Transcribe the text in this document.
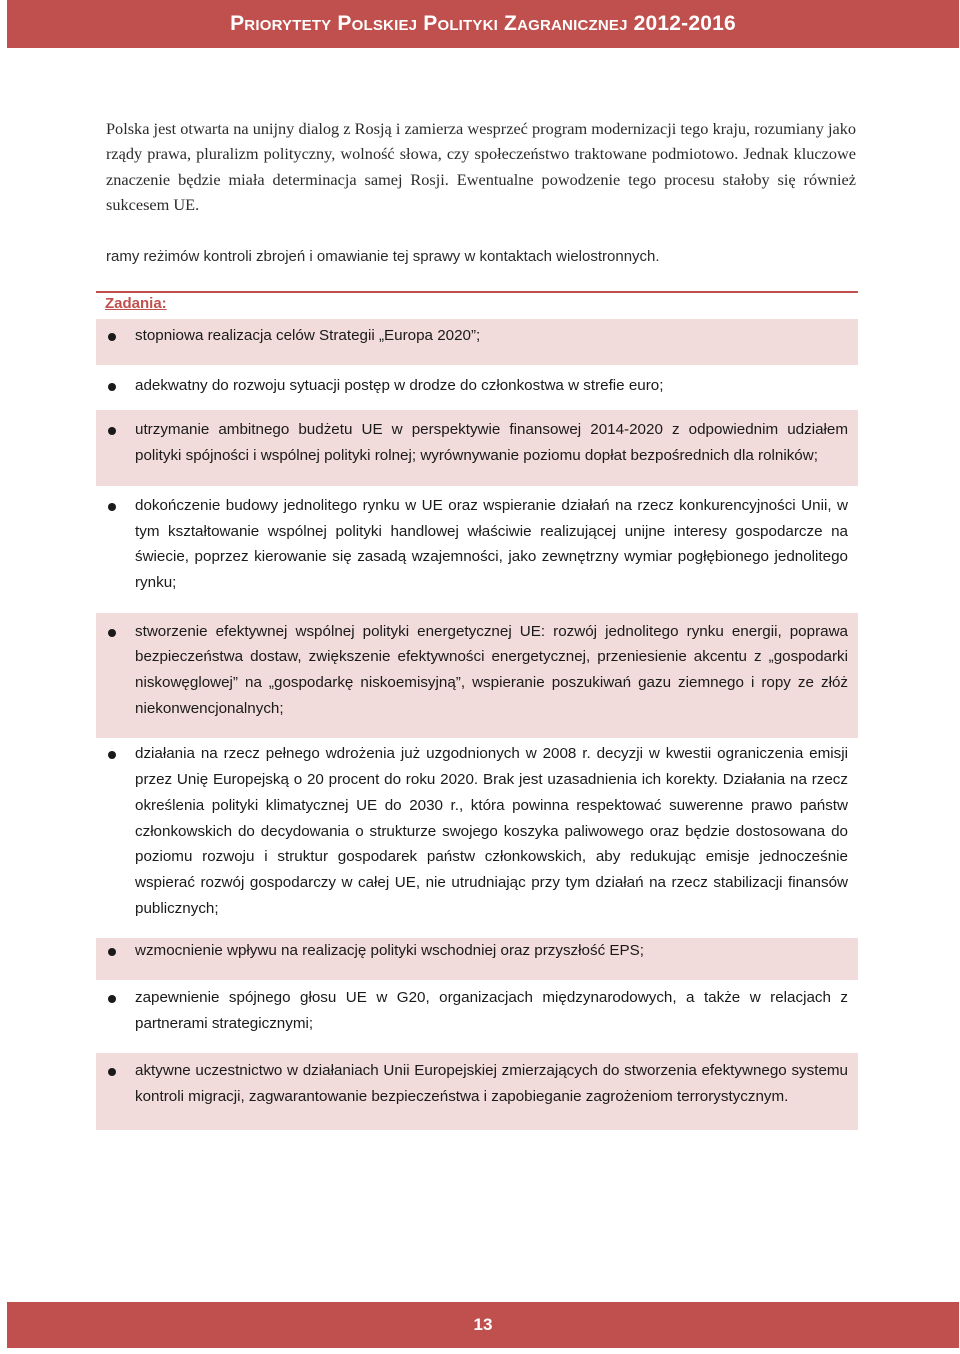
Priorytety Polskiej Polityki Zagranicznej 2012-2016

Polska jest otwarta na unijny dialog z Rosją i zamierza wesprzeć program modernizacji tego kraju, rozumiany jako rządy prawa, pluralizm polityczny, wolność słowa, czy społeczeństwo traktowane podmiotowo. Jednak kluczowe znaczenie będzie miała determinacja samej Rosji. Ewentualne powodzenie tego procesu stałoby się również sukcesem UE.

ramy reżimów kontroli zbrojeń i omawianie tej sprawy w kontaktach wielostronnych.

Zadania:
stopniowa realizacja celów Strategii „Europa 2020”;
adekwatny do rozwoju sytuacji postęp w drodze do członkostwa w strefie euro;
utrzymanie ambitnego budżetu UE w perspektywie finansowej 2014-2020 z odpowiednim udziałem polityki spójności i wspólnej polityki rolnej; wyrównywanie poziomu dopłat bezpośrednich dla rolników;
dokończenie budowy jednolitego rynku w UE oraz wspieranie działań na rzecz konkurencyjności Unii, w tym kształtowanie wspólnej polityki handlowej właściwie realizującej unijne interesy gospodarcze na świecie, poprzez kierowanie się zasadą wzajemności, jako zewnętrzny wymiar pogłębionego jednolitego rynku;
stworzenie efektywnej wspólnej polityki energetycznej UE: rozwój jednolitego rynku energii, poprawa bezpieczeństwa dostaw, zwiększenie efektywności energetycznej, przeniesienie akcentu z „gospodarki niskowęglowej” na „gospodarkę niskoemisyjną”, wspieranie poszukiwań gazu ziemnego i ropy ze złóż niekonwencjonalnych;
działania na rzecz pełnego wdrożenia już uzgodnionych w 2008 r. decyzji w kwestii ograniczenia emisji przez Unię Europejską o 20 procent do roku 2020. Brak jest uzasadnienia ich korekty. Działania na rzecz określenia polityki klimatycznej UE do 2030 r., która powinna respektować suwerenne prawo państw członkowskich do decydowania o strukturze swojego koszyka paliwowego oraz będzie dostosowana do poziomu rozwoju i struktur gospodarek państw członkowskich, aby redukując emisje jednocześnie wspierać rozwój gospodarczy w całej UE, nie utrudniając przy tym działań na rzecz stabilizacji finansów publicznych;
wzmocnienie wpływu na realizację polityki wschodniej oraz przyszłość EPS;
zapewnienie spójnego głosu UE w G20, organizacjach międzynarodowych, a także w relacjach z partnerami strategicznymi;
aktywne uczestnictwo w działaniach Unii Europejskiej zmierzających do stworzenia efektywnego systemu kontroli migracji, zagwarantowanie bezpieczeństwa i zapobieganie zagrożeniom terrorystycznym.
13
